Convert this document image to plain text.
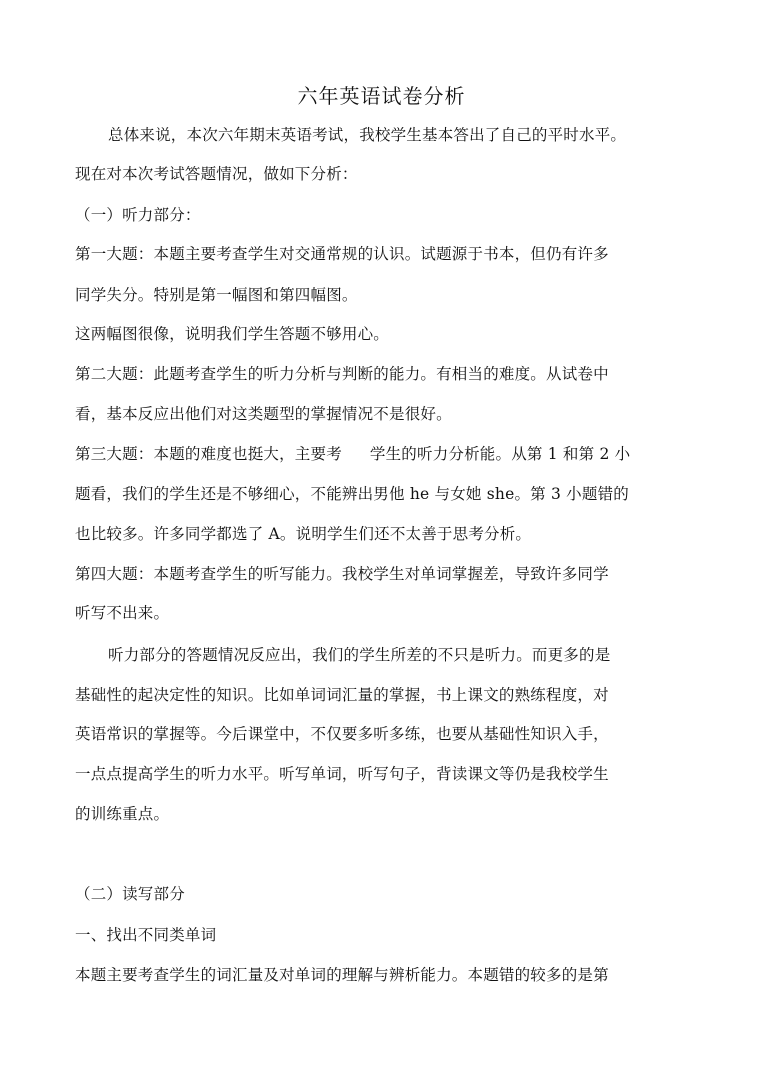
六年英语试卷分析
总体来说，本次六年期末英语考试，我校学生基本答出了自己的平时水平。
现在对本次考试答题情况，做如下分析：
（一）听力部分：
第一大题：本题主要考查学生对交通常规的认识。试题源于书本，但仍有许多
同学失分。特别是第一幅图和第四幅图。
这两幅图很像，说明我们学生答题不够用心。
第二大题：此题考查学生的听力分析与判断的能力。有相当的难度。从试卷中
看，基本反应出他们对这类题型的掌握情况不是很好。
第三大题：本题的难度也挺大，主要考 学生的听力分析能。从第 1 和第 2 小
题看，我们的学生还是不够细心，不能辨出男他 he 与女她 she。第 3 小题错的
也比较多。许多同学都选了 A。说明学生们还不太善于思考分析。
第四大题：本题考查学生的听写能力。我校学生对单词掌握差，导致许多同学
听写不出来。
听力部分的答题情况反应出，我们的学生所差的不只是听力。而更多的是
基础性的起决定性的知识。比如单词词汇量的掌握，书上课文的熟练程度，对
英语常识的掌握等。今后课堂中，不仅要多听多练，也要从基础性知识入手，
一点点提高学生的听力水平。听写单词，听写句子，背读课文等仍是我校学生
的训练重点。
（二）读写部分
一、找出不同类单词
本题主要考查学生的词汇量及对单词的理解与辨析能力。本题错的较多的是第
